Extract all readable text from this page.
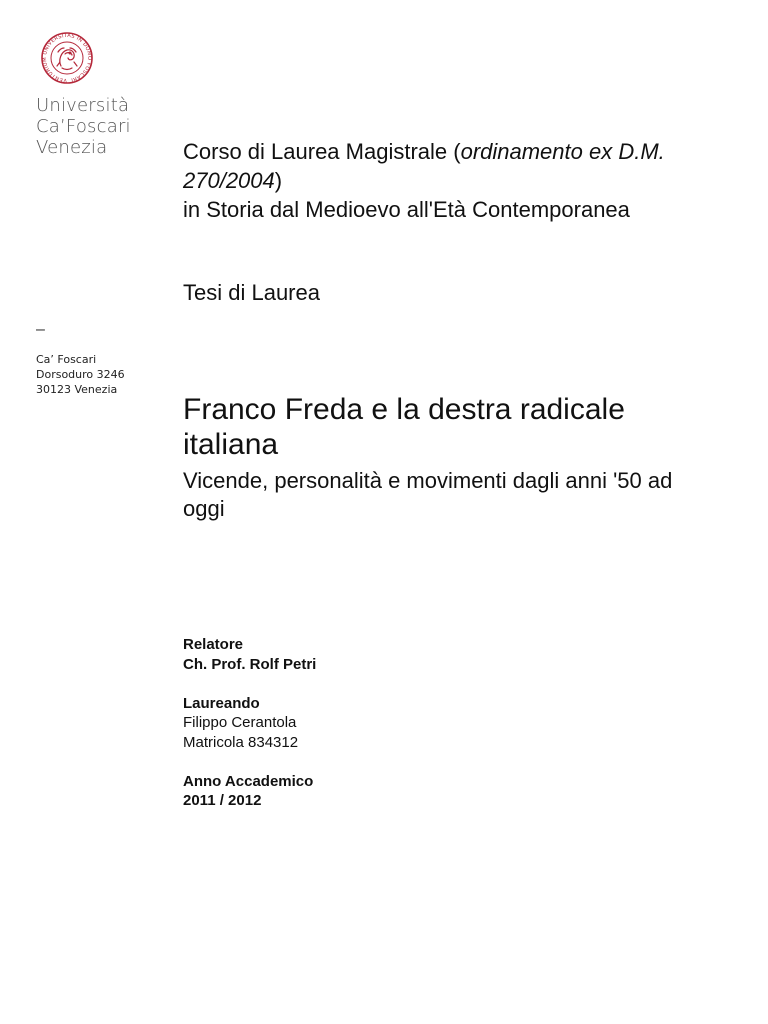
VENTURIUM UNIVERSITAS IN DOMO FOSCARI
Università
Ca’Foscari
Venezia
–
Ca’ Foscari
Dorsoduro 3246
30123 Venezia
Corso di Laurea Magistrale (ordinamento ex D.M. 270/2004)
in Storia dal Medioevo all'Età Contemporanea
Tesi di Laurea
Franco Freda e la destra radicale italiana
Vicende, personalità e movimenti dagli anni '50 ad oggi
Relatore
Ch. Prof. Rolf Petri
Laureando
Filippo Cerantola
Matricola 834312
Anno Accademico
2011 / 2012
